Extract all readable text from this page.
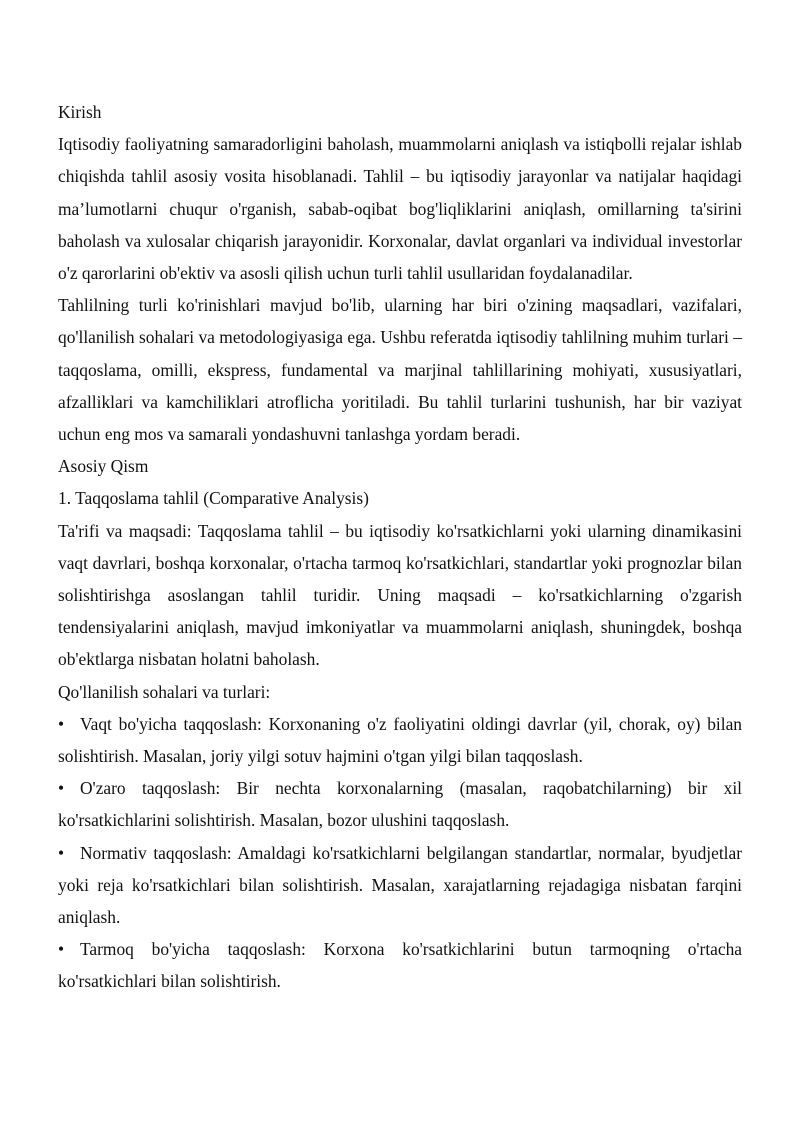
Kirish

Iqtisodiy faoliyatning samaradorligini baholash, muammolarni aniqlash va istiqbolli rejalar ishlab chiqishda tahlil asosiy vosita hisoblanadi. Tahlil – bu iqtisodiy jarayonlar va natijalar haqidagi ma’lumotlarni chuqur o'rganish, sabab-oqibat bog'liqliklarini aniqlash, omillarning ta'sirini baholash va xulosalar chiqarish jarayonidir. Korxonalar, davlat organlari va individual investorlar o'z qarorlarini ob'ektiv va asosli qilish uchun turli tahlil usullaridan foydalanadilar.

Tahlilning turli ko'rinishlari mavjud bo'lib, ularning har biri o'zining maqsadlari, vazifalari, qo'llanilish sohalari va metodologiyasiga ega. Ushbu referatda iqtisodiy tahlilning muhim turlari – taqqoslama, omilli, ekspress, fundamental va marjinal tahlillarining mohiyati, xususiyatlari, afzalliklari va kamchiliklari atroflicha yoritiladi. Bu tahlil turlarini tushunish, har bir vaziyat uchun eng mos va samarali yondashuvni tanlashga yordam beradi.

Asosiy Qism

1. Taqqoslama tahlil (Comparative Analysis)

Ta'rifi va maqsadi: Taqqoslama tahlil – bu iqtisodiy ko'rsatkichlarni yoki ularning dinamikasini vaqt davrlari, boshqa korxonalar, o'rtacha tarmoq ko'rsatkichlari, standartlar yoki prognozlar bilan solishtirishga asoslangan tahlil turidir. Uning maqsadi – ko'rsatkichlarning o'zgarish tendensiyalarini aniqlash, mavjud imkoniyatlar va muammolarni aniqlash, shuningdek, boshqa ob'ektlarga nisbatan holatni baholash.

Qo'llanilish sohalari va turlari:

• Vaqt bo'yicha taqqoslash: Korxonaning o'z faoliyatini oldingi davrlar (yil, chorak, oy) bilan solishtirish. Masalan, joriy yilgi sotuv hajmini o'tgan yilgi bilan taqqoslash.

• O'zaro taqqoslash: Bir nechta korxonalarning (masalan, raqobatchilarning) bir xil ko'rsatkichlarini solishtirish. Masalan, bozor ulushini taqqoslash.

• Normativ taqqoslash: Amaldagi ko'rsatkichlarni belgilangan standartlar, normalar, byudjetlar yoki reja ko'rsatkichlari bilan solishtirish. Masalan, xarajatlarning rejadagiga nisbatan farqini aniqlash.

• Tarmoq bo'yicha taqqoslash: Korxona ko'rsatkichlarini butun tarmoqning o'rtacha ko'rsatkichlari bilan solishtirish.
